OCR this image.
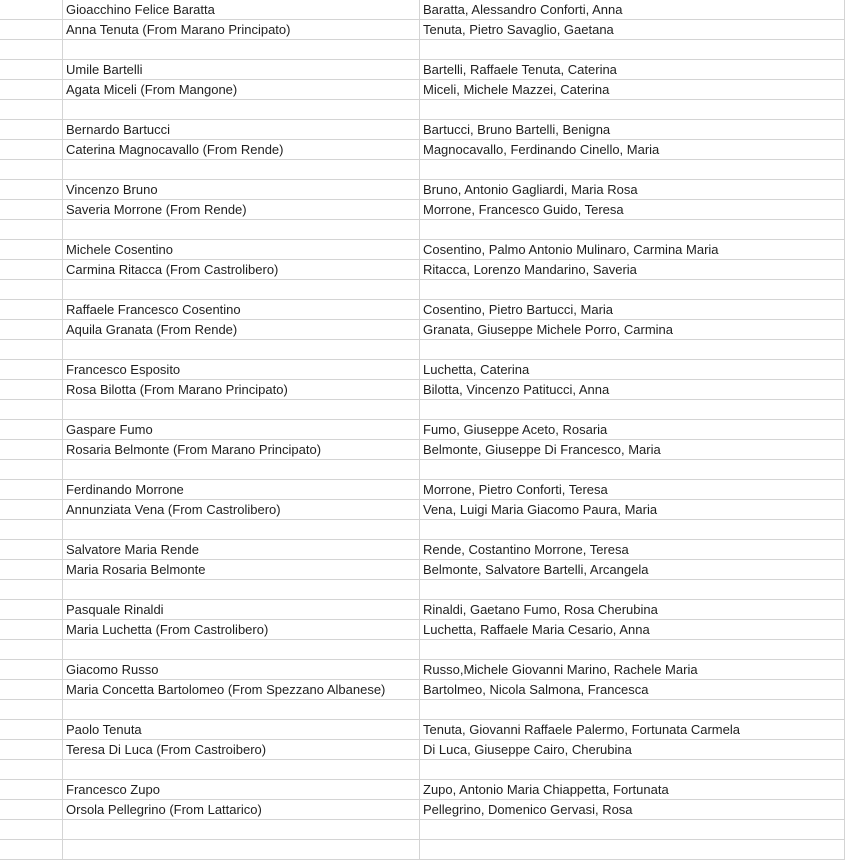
Gioacchino Felice Baratta	Baratta, Alessandro Conforti, Anna
Anna Tenuta (From Marano Principato)	Tenuta, Pietro Savaglio, Gaetana
Umile Bartelli	Bartelli, Raffaele Tenuta, Caterina
Agata Miceli (From Mangone)	Miceli, Michele Mazzei, Caterina
Bernardo Bartucci	Bartucci, Bruno Bartelli, Benigna
Caterina Magnocavallo (From Rende)	Magnocavallo, Ferdinando Cinello, Maria
Vincenzo Bruno	Bruno, Antonio Gagliardi, Maria Rosa
Saveria Morrone (From Rende)	Morrone, Francesco Guido, Teresa
Michele Cosentino	Cosentino, Palmo Antonio Mulinaro, Carmina Maria
Carmina Ritacca (From Castrolibero)	Ritacca, Lorenzo Mandarino, Saveria
Raffaele Francesco Cosentino	Cosentino, Pietro Bartucci, Maria
Aquila Granata (From Rende)	Granata, Giuseppe Michele Porro, Carmina
Francesco Esposito	Luchetta, Caterina
Rosa Bilotta (From Marano Principato)	Bilotta, Vincenzo Patitucci, Anna
Gaspare Fumo	Fumo, Giuseppe Aceto, Rosaria
Rosaria Belmonte (From Marano Principato)	Belmonte, Giuseppe Di Francesco, Maria
Ferdinando Morrone	Morrone, Pietro Conforti, Teresa
Annunziata Vena (From Castrolibero)	Vena, Luigi Maria Giacomo Paura, Maria
Salvatore Maria Rende	Rende, Costantino Morrone, Teresa
Maria Rosaria Belmonte	Belmonte, Salvatore Bartelli, Arcangela
Pasquale Rinaldi	Rinaldi, Gaetano Fumo, Rosa Cherubina
Maria Luchetta (From Castrolibero)	Luchetta, Raffaele Maria Cesario, Anna
Giacomo Russo	Russo,Michele Giovanni Marino, Rachele Maria
Maria Concetta Bartolomeo (From Spezzano Albanese)	Bartolmeo, Nicola Salmona, Francesca
Paolo Tenuta	Tenuta, Giovanni Raffaele Palermo, Fortunata Carmela
Teresa Di Luca (From Castroibero)	Di Luca, Giuseppe Cairo, Cherubina
Francesco Zupo	Zupo, Antonio Maria Chiappetta, Fortunata
Orsola Pellegrino (From Lattarico)	Pellegrino, Domenico Gervasi, Rosa
